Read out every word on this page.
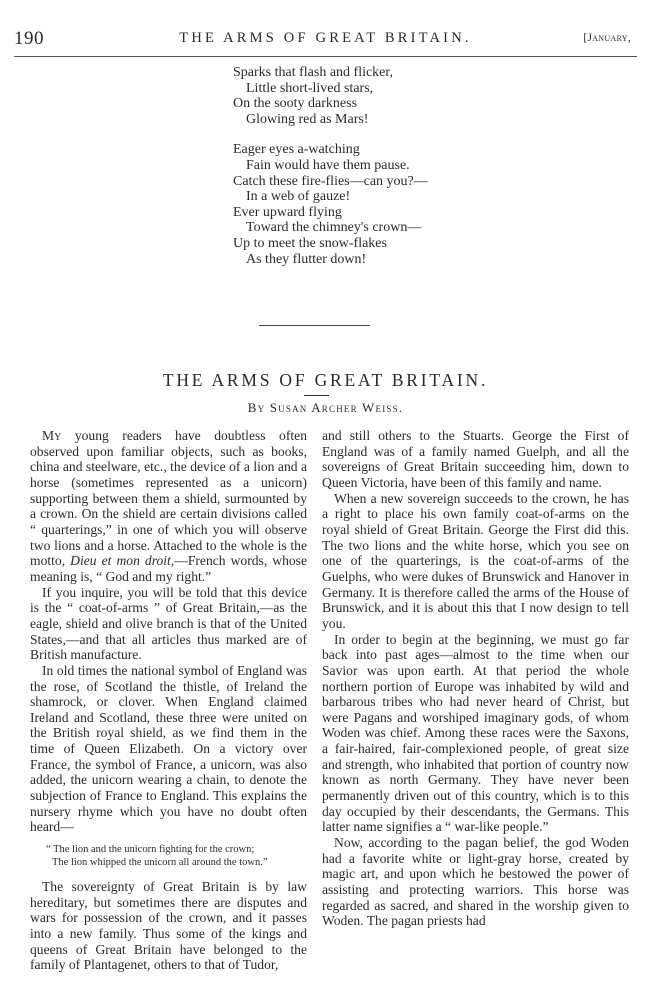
190	THE ARMS OF GREAT BRITAIN.	[January,
Sparks that flash and flicker,
Little short-lived stars,
On the sooty darkness
Glowing red as Mars!
Eager eyes a-watching
Fain would have them pause.
Catch these fire-flies—can you?—
In a web of gauze!
Ever upward flying
Toward the chimney's crown—
Up to meet the snow-flakes
As they flutter down!
THE ARMS OF GREAT BRITAIN.
By Susan Archer Weiss.

My young readers have doubtless often observed upon familiar objects, such as books, china and steelware, etc., the device of a lion and a horse (sometimes represented as a unicorn) supporting between them a shield, surmounted by a crown. On the shield are certain divisions called “ quarterings,” in one of which you will observe two lions and a horse. Attached to the whole is the motto, Dieu et mon droit,—French words, whose meaning is, “ God and my right.”

If you inquire, you will be told that this device is the “ coat-of-arms ” of Great Britain,—as the eagle, shield and olive branch is that of the United States,—and that all articles thus marked are of British manufacture.

In old times the national symbol of England was the rose, of Scotland the thistle, of Ireland the shamrock, or clover. When England claimed Ireland and Scotland, these three were united on the British royal shield, as we find them in the time of Queen Elizabeth. On a victory over France, the symbol of France, a unicorn, was also added, the unicorn wearing a chain, to denote the subjection of France to England. This explains the nursery rhyme which you have no doubt often heard—

“ The lion and the unicorn fighting for the crown;
The lion whipped the unicorn all around the town.”

The sovereignty of Great Britain is by law hereditary, but sometimes there are disputes and wars for possession of the crown, and it passes into a new family. Thus some of the kings and queens of Great Britain have belonged to the family of Plantagenet, others to that of Tudor,

and still others to the Stuarts. George the First of England was of a family named Guelph, and all the sovereigns of Great Britain succeeding him, down to Queen Victoria, have been of this family and name.

When a new sovereign succeeds to the crown, he has a right to place his own family coat-of-arms on the royal shield of Great Britain. George the First did this. The two lions and the white horse, which you see on one of the quarterings, is the coat-of-arms of the Guelphs, who were dukes of Brunswick and Hanover in Germany. It is therefore called the arms of the House of Brunswick, and it is about this that I now design to tell you.

In order to begin at the beginning, we must go far back into past ages—almost to the time when our Savior was upon earth. At that period the whole northern portion of Europe was inhabited by wild and barbarous tribes who had never heard of Christ, but were Pagans and worshiped imaginary gods, of whom Woden was chief. Among these races were the Saxons, a fair-haired, fair-complexioned people, of great size and strength, who inhabited that portion of country now known as north Germany. They have never been permanently driven out of this country, which is to this day occupied by their descendants, the Germans. This latter name signifies a “ war-like people.”

Now, according to the pagan belief, the god Woden had a favorite white or light-gray horse, created by magic art, and upon which he bestowed the power of assisting and protecting warriors. This horse was regarded as sacred, and shared in the worship given to Woden. The pagan priests had
